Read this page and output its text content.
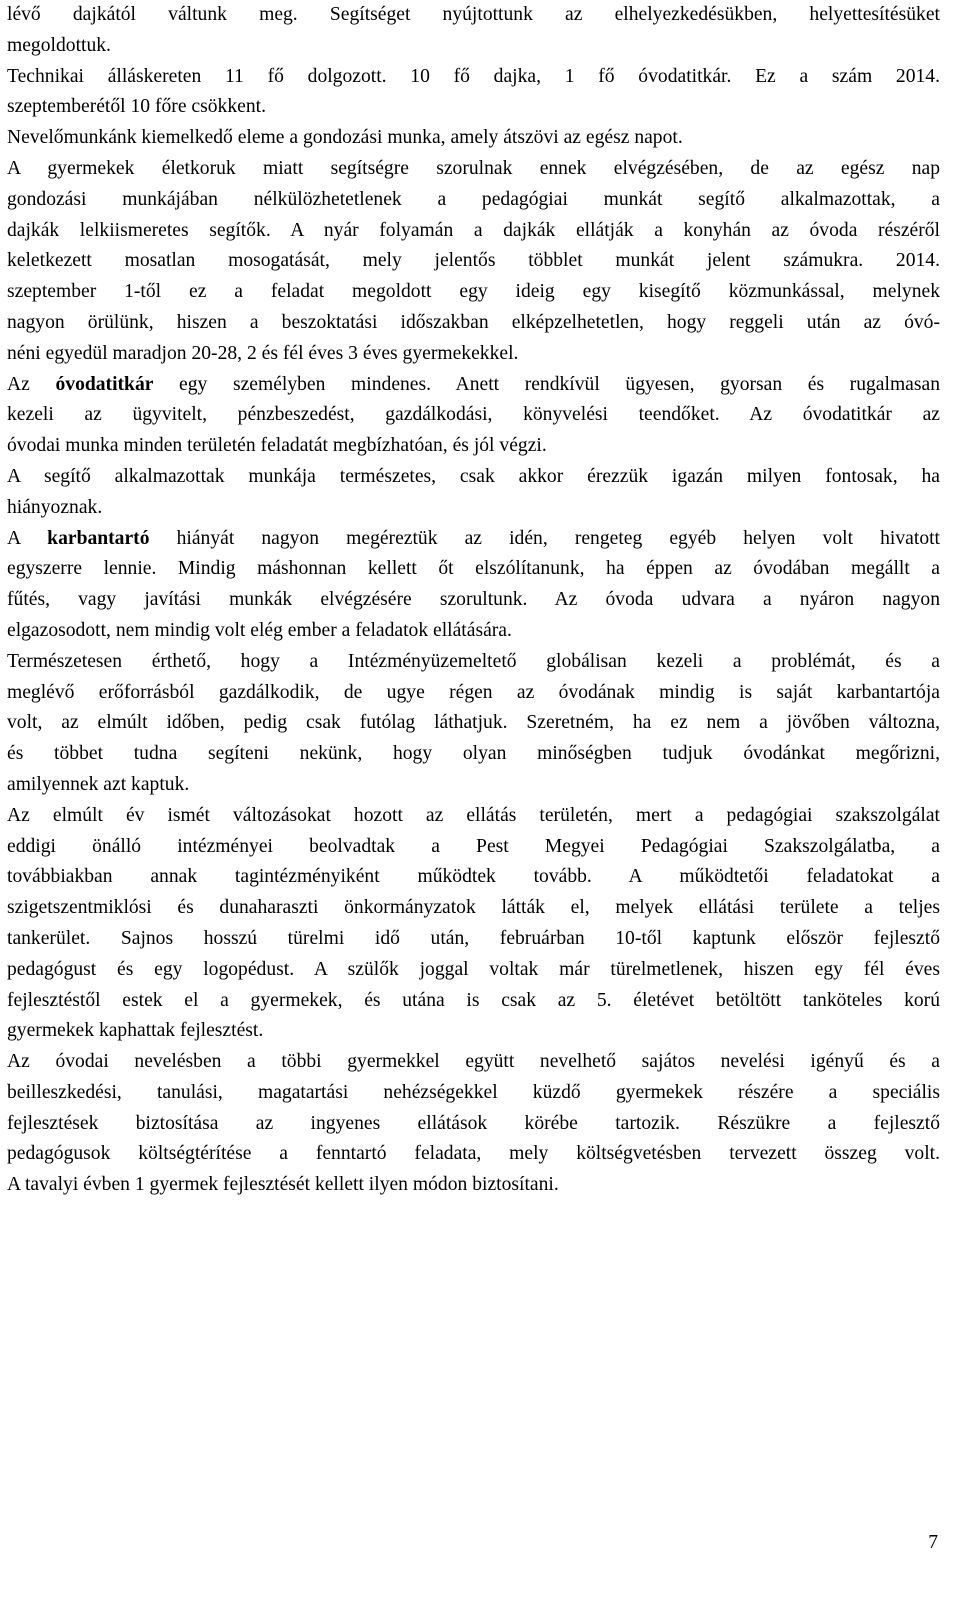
lévő dajkától váltunk meg. Segítséget nyújtottunk az elhelyezkedésükben, helyettesítésüket
megoldottuk.
Technikai álláskereten 11 fő dolgozott. 10 fő dajka, 1 fő óvodatitkár. Ez a szám 2014.
szeptemberétől 10 főre csökkent.
Nevelőmunkánk kiemelkedő eleme a gondozási munka, amely átszövi az egész napot.
A gyermekek életkoruk miatt segítségre szorulnak ennek elvégzésében, de az egész nap
gondozási munkájában nélkülözhetetlenek a pedagógiai munkát segítő alkalmazottak, a
dajkák lelkiismeretes segítők. A nyár folyamán a dajkák ellátják a konyhán az óvoda részéről
keletkezett mosatlan mosogatását, mely jelentős többlet munkát jelent számukra. 2014.
szeptember 1-től ez a feladat megoldott egy ideig egy kisegítő közmunkással, melynek
nagyon örülünk, hiszen a beszoktatási időszakban elképzelhetetlen, hogy reggeli után az óvó-
néni egyedül maradjon 20-28, 2 és fél éves 3 éves gyermekekkel.
Az óvodatitkár egy személyben mindenes. Anett rendkívül ügyesen, gyorsan és rugalmasan
kezeli az ügyvitelt, pénzbeszedést, gazdálkodási, könyvelési teendőket. Az óvodatitkár az
óvodai munka minden területén feladatát megbízhatóan, és jól végzi.
A segítő alkalmazottak munkája természetes, csak akkor érezzük igazán milyen fontosak, ha
hiányoznak.
A karbantartó hiányát nagyon megéreztük az idén, rengeteg egyéb helyen volt hivatott
egyszerre lennie. Mindig máshonnan kellett őt elszólítanunk, ha éppen az óvodában megállt a
fűtés, vagy javítási munkák elvégzésére szorultunk. Az óvoda udvara a nyáron nagyon
elgazosodott, nem mindig volt elég ember a feladatok ellátására.
Természetesen érthető, hogy a Intézményüzemeltető globálisan kezeli a problémát, és a
meglévő erőforrásból gazdálkodik, de ugye régen az óvodának mindig is saját karbantartója
volt, az elmúlt időben, pedig csak futólag láthatjuk. Szeretném, ha ez nem a jövőben változna,
és többet tudna segíteni nekünk, hogy olyan minőségben tudjuk óvodánkat megőrizni,
amilyennek azt kaptuk.
Az elmúlt év ismét változásokat hozott az ellátás területén, mert a pedagógiai szakszolgálat
eddigi önálló intézményei beolvadtak a Pest Megyei Pedagógiai Szakszolgálatba, a
továbbiakban annak tagintézményiként működtek tovább. A működtetői feladatokat a
szigetszentmiklósi és dunaharaszti önkormányzatok látták el, melyek ellátási területe a teljes
tankerület. Sajnos hosszú türelmi idő után, februárban 10-től kaptunk először fejlesztő
pedagógust és egy logopédust. A szülők joggal voltak már türelmetlenek, hiszen egy fél éves
fejlesztéstől estek el a gyermekek, és utána is csak az 5. életévet betöltött tanköteles korú
gyermekek kaphattak fejlesztést.
Az óvodai nevelésben a többi gyermekkel együtt nevelhető sajátos nevelési igényű és a
beilleszkedési, tanulási, magatartási nehézségekkel küzdő gyermekek részére a speciális
fejlesztések biztosítása az ingyenes ellátások körébe tartozik. Részükre a fejlesztő
pedagógusok költségtérítése a fenntartó feladata, mely költségvetésben tervezett összeg volt.
A tavalyi évben 1 gyermek fejlesztését kellett ilyen módon biztosítani.
7
